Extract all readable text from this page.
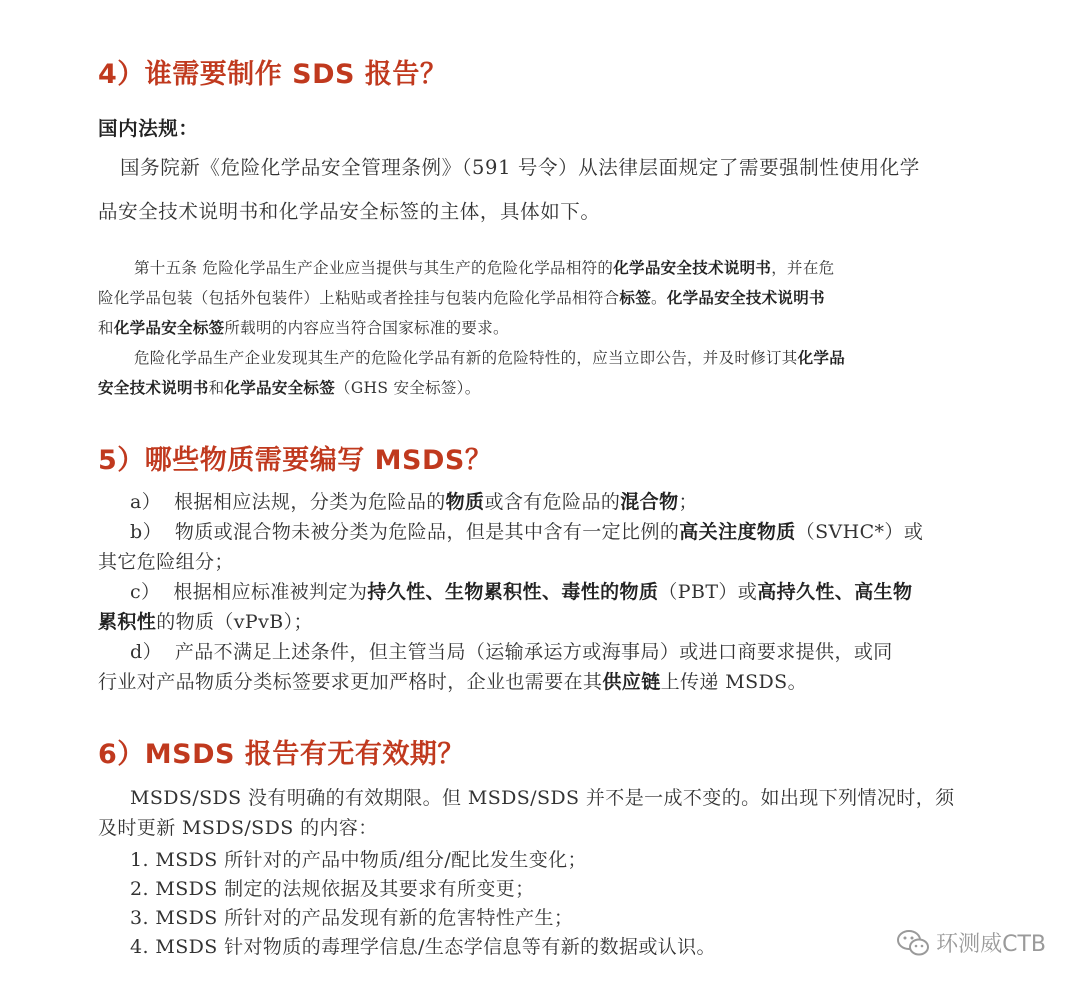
4）谁需要制作 SDS 报告？
国内法规：
国务院新《危险化学品安全管理条例》（591 号令）从法律层面规定了需要强制性使用化学
品安全技术说明书和化学品安全标签的主体，具体如下。
第十五条 危险化学品生产企业应当提供与其生产的危险化学品相符的化学品安全技术说明书，并在危
险化学品包装（包括外包装件）上粘贴或者拴挂与包装内危险化学品相符合标签。化学品安全技术说明书
和化学品安全标签所载明的内容应当符合国家标准的要求。
危险化学品生产企业发现其生产的危险化学品有新的危险特性的，应当立即公告，并及时修订其化学品
安全技术说明书和化学品安全标签（GHS 安全标签）。
5）哪些物质需要编写 MSDS？
a） 根据相应法规，分类为危险品的物质或含有危险品的混合物；
b） 物质或混合物未被分类为危险品，但是其中含有一定比例的高关注度物质（SVHC*）或
其它危险组分；
c） 根据相应标准被判定为持久性、生物累积性、毒性的物质（PBT）或高持久性、高生物
累积性的物质（vPvB）；
d） 产品不满足上述条件，但主管当局（运输承运方或海事局）或进口商要求提供，或同
行业对产品物质分类标签要求更加严格时，企业也需要在其供应链上传递 MSDS。
6）MSDS 报告有无有效期？
MSDS/SDS 没有明确的有效期限。但 MSDS/SDS 并不是一成不变的。如出现下列情况时，须
及时更新 MSDS/SDS 的内容：
1. MSDS 所针对的产品中物质/组分/配比发生变化；
2. MSDS 制定的法规依据及其要求有所变更；
3. MSDS 所针对的产品发现有新的危害特性产生；
4. MSDS 针对物质的毒理学信息/生态学信息等有新的数据或认识。	环测威CTB
